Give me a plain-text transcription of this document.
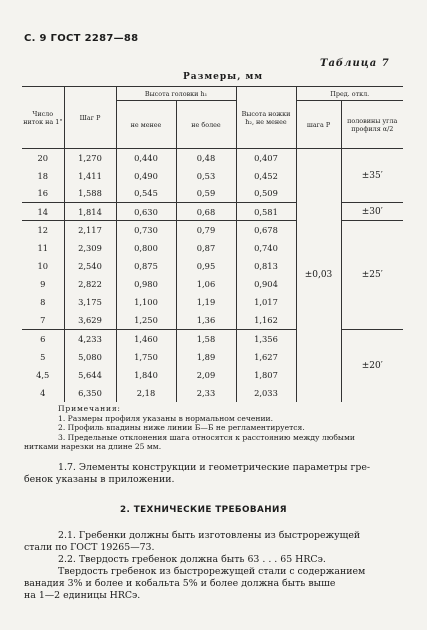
С. 9 ГОСТ 2287—88
Таблица 7
Размеры, мм
Число ниток на 1"	Шаг P	Высота головки h₁		Высота ножки h₂, не менее	Пред. откл.	
		не менее	не более		шага P	половины угла профиля α/2
20	1,270	0,440	0,48	0,407	±0,03	±35′
18	1,411	0,490	0,53	0,452		
16	1,588	0,545	0,59	0,509		
14	1,814	0,630	0,68	0,581		±30′
12	2,117	0,730	0,79	0,678		±25′
11	2,309	0,800	0,87	0,740		
10	2,540	0,875	0,95	0,813		
9	2,822	0,980	1,06	0,904		
8	3,175	1,100	1,19	1,017		
7	3,629	1,250	1,36	1,162		
6	4,233	1,460	1,58	1,356		±20′
5	5,080	1,750	1,89	1,627		
4,5	5,644	1,840	2,09	1,807		
4	6,350	2,18	2,33	2,033		
Примечания:
1. Размеры профиля указаны в нормальном сечении.
2. Профиль впадины ниже линии Б—Б не регламентируется.
3. Предельные отклонения шага относятся к расстоянию между любыми
нитками нарезки на длине 25 мм.
1.7. Элементы конструкции и геометрические параметры гре-
бенок указаны в приложении.
2. ТЕХНИЧЕСКИЕ ТРЕБОВАНИЯ
2.1. Гребенки должны быть изготовлены из быстрорежущей
стали по ГОСТ 19265—73.
2.2. Твердость гребенок должна быть 63 . . . 65 HRCэ.
Твердость гребенок из быстрорежущей стали с содержанием
ванадия 3% и более и кобальта 5% и более должна быть выше
на 1—2 единицы HRCэ.
